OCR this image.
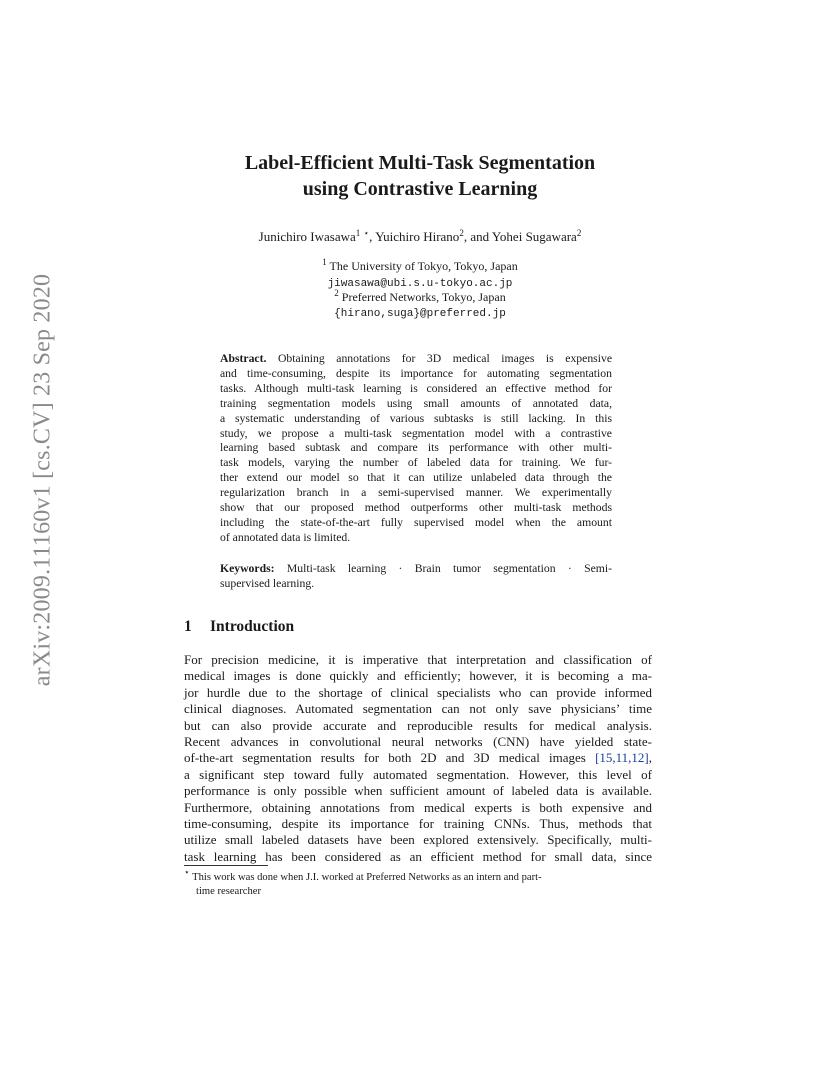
arXiv:2009.11160v1 [cs.CV] 23 Sep 2020
Label-Efficient Multi-Task Segmentation
using Contrastive Learning
Junichiro Iwasawa$^1$ ⋆, Yuichiro Hirano$^2$, and Yohei Sugawara$^2$
$^1$ The University of Tokyo, Tokyo, Japan
jiwasawa@ubi.s.u-tokyo.ac.jp
$^2$ Preferred Networks, Tokyo, Japan
{hirano,suga}@preferred.jp
Abstract. Obtaining annotations for 3D medical images is expensive
and time-consuming, despite its importance for automating segmentation
tasks. Although multi-task learning is considered an effective method for
training segmentation models using small amounts of annotated data,
a systematic understanding of various subtasks is still lacking. In this
study, we propose a multi-task segmentation model with a contrastive
learning based subtask and compare its performance with other multi-
task models, varying the number of labeled data for training. We fur-
ther extend our model so that it can utilize unlabeled data through the
regularization branch in a semi-supervised manner. We experimentally
show that our proposed method outperforms other multi-task methods
including the state-of-the-art fully supervised model when the amount
of annotated data is limited.
Keywords: Multi-task learning · Brain tumor segmentation · Semi-
supervised learning.
1 Introduction
For precision medicine, it is imperative that interpretation and classification of
medical images is done quickly and efficiently; however, it is becoming a ma-
jor hurdle due to the shortage of clinical specialists who can provide informed
clinical diagnoses. Automated segmentation can not only save physicians’ time
but can also provide accurate and reproducible results for medical analysis.
Recent advances in convolutional neural networks (CNN) have yielded state-
of-the-art segmentation results for both 2D and 3D medical images [15,11,12],
a significant step toward fully automated segmentation. However, this level of
performance is only possible when sufficient amount of labeled data is available.
Furthermore, obtaining annotations from medical experts is both expensive and
time-consuming, despite its importance for training CNNs. Thus, methods that
utilize small labeled datasets have been explored extensively. Specifically, multi-
task learning has been considered as an efficient method for small data, since
⋆ This work was done when J.I. worked at Preferred Networks as an intern and part-
time researcher
